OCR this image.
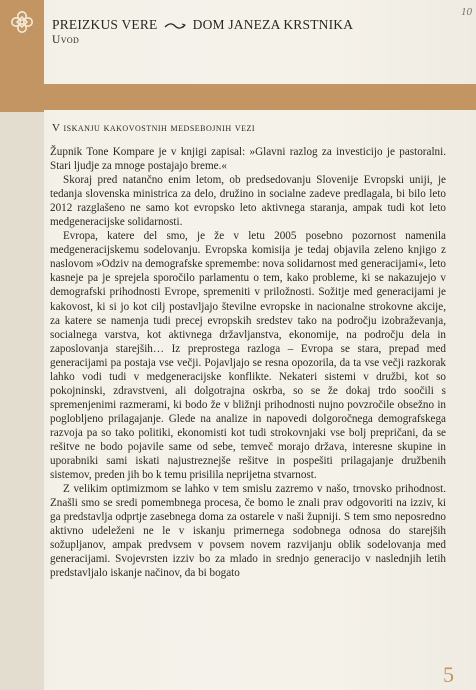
PREIZKUS VERE	DOM JANEZA KRSTNIKA
Uvod
10
V iskanju kakovostnih medsebojnih vezi

Župnik Tone Kompare je v knjigi zapisal: »Glavni razlog za investicijo je pastoralni. Stari ljudje za mnoge postajajo breme.«

Skoraj pred natančno enim letom, ob predsedovanju Slovenije Evropski uniji, je tedanja slovenska ministrica za delo, družino in socialne zadeve predlagala, bi bilo leto 2012 razglašeno ne samo kot evropsko leto aktivnega staranja, ampak tudi kot leto medgeneracijske solidarnosti.

Evropa, katere del smo, je že v letu 2005 posebno pozornost namenila medgeneracijskemu sodelovanju. Evropska komisija je tedaj objavila zeleno knjigo z naslovom »Odziv na demografske spremembe: nova solidarnost med generacijami«, leto kasneje pa je sprejela sporočilo parlamentu o tem, kako probleme, ki se nakazujejo v demografski prihodnosti Evrope, spremeniti v priložnosti. Sožitje med generacijami je kakovost, ki si jo kot cilj postavljajo številne evropske in nacionalne strokovne akcije, za katere se namenja tudi precej evropskih sredstev tako na področju izobraževanja, socialnega varstva, kot aktivnega državljanstva, ekonomije, na področju dela in zaposlovanja starejših… Iz preprostega razloga – Evropa se stara, prepad med generacijami pa postaja vse večji. Pojavljajo se resna opozorila, da ta vse večji razkorak lahko vodi tudi v medgeneracijske konflikte. Nekateri sistemi v družbi, kot so pokojninski, zdravstveni, ali dolgotrajna oskrba, so se že dokaj trdo soočili s spremenjenimi razmerami, ki bodo že v bližnji prihodnosti nujno povzročile obsežno in poglobljeno prilagajanje. Glede na analize in napovedi dolgoročnega demografskega razvoja pa so tako politiki, ekonomisti kot tudi strokovnjaki vse bolj prepričani, da se rešitve ne bodo pojavile same od sebe, temveč morajo država, interesne skupine in uporabniki sami iskati najustreznejše rešitve in pospešiti prilagajanje družbenih sistemov, preden jih bo k temu prisilila neprijetna stvarnost.

Z velikim optimizmom se lahko v tem smislu zazremo v našo, trnovsko prihodnost. Znašli smo se sredi pomembnega procesa, če bomo le znali prav odgovoriti na izziv, ki ga predstavlja odprtje zasebnega doma za ostarele v naši župniji. S tem smo neposredno aktivno udeleženi ne le v iskanju primernega sodobnega odnosa do starejših sožupljanov, ampak predvsem v povsem novem razvijanju oblik sodelovanja med generacijami. Svojevrsten izziv bo za mlado in srednjo generacijo v naslednjih letih predstavljalo iskanje načinov, da bi bogato

5
